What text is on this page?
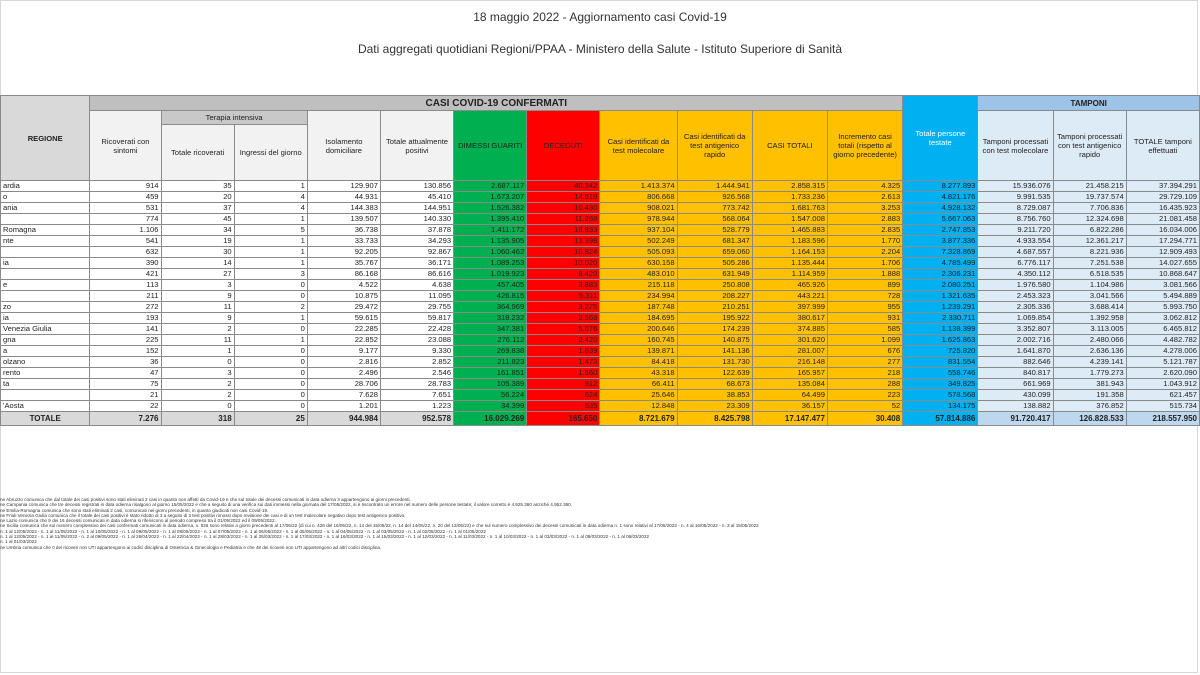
18 maggio 2022 - Aggiornamento casi Covid-19
Dati aggregati quotidiani Regioni/PPAA - Ministero della Salute - Istituto Superiore di Sanità
REGIONE	CASI COVID-19 CONFERMATI											Totale persone testate	TAMPONI		
	Ricoverati con sintomi	Terapia intensiva		Isolamento domiciliare	Totale attualmente positivi	DIMESSI GUARITI	DECEDUTI	Casi identificati da test molecolare	Casi identificati da test antigenico rapido	CASI TOTALI	Incremento casi totali (rispetto al giorno precedente)		Tamponi processati con test molecolare	Tamponi processati con test antigenico rapido	TOTALE tamponi effettuati
		Totale ricoverati	Ingressi del giorno												
ardia	914	35	1	129.907	130.856	2.687.117	40.342	1.413.374	1.444.941	2.858.315	4.325	8.277.893	15.936.076	21.458.215	37.394.291
o	459	20	4	44.931	45.410	1.673.207	14.619	806.668	926.568	1.733.236	2.613	4.821.176	9.991.535	19.737.574	29.729.109
ania	531	37	4	144.383	144.951	1.526.382	10.430	908.021	773.742	1.681.763	3.253	4.928.132	8.729.087	7.706.836	16.435.923
	774	45	1	139.507	140.330	1.395.410	11.268	978.944	568.064	1.547.008	2.883	5.667.063	8.756.760	12.324.698	21.081.458
Romagna	1.106	34	5	36.738	37.878	1.411.172	16.833	937.104	528.779	1.465.883	2.835	2.747.853	9.211.720	6.822.286	16.034.006
nte	541	19	1	33.733	34.293	1.135.905	13.398	502.249	681.347	1.183.596	1.770	3.877.336	4.933.554	12.361.217	17.294.771
	632	30	1	92.205	92.867	1.060.462	10.824	505.093	659.060	1.164.153	2.204	7.328.869	4.687.557	8.221.936	12.909.493
ia	390	14	1	35.767	36.171	1.089.253	10.020	630.158	505.286	1.135.444	1.706	4.785.499	6.776.117	7.251.538	14.027.655
	421	27	3	86.168	86.616	1.019.923	8.420	483.010	631.949	1.114.959	1.888	2.306.231	4.350.112	6.518.535	10.868.647
e	113	3	0	4.522	4.638	457.405	3.883	215.118	250.808	465.926	899	2.080.251	1.976.580	1.104.986	3.081.566
	211	9	0	10.875	11.095	426.815	5.311	234.994	208.227	443.221	728	1.321.635	2.453.323	3.041.566	5.494.889
zo	272	11	2	29.472	29.755	364.969	3.275	187.748	210.251	397.999	955	1.239.291	2.305.336	3.688.414	5.993.750
ia	193	9	1	59.615	59.817	318.232	2.568	184.695	195.922	380.617	931	2.330.711	1.069.854	1.392.958	3.062.812
Venezia Giulia	141	2	0	22.285	22.428	347.381	5.076	200.646	174.239	374.885	585	1.138.399	3.352.807	3.113.005	6.465.812
gna	225	11	1	22.852	23.088	276.112	2.420	160.745	140.875	301.620	1.099	1.625.863	2.002.716	2.480.066	4.482.782
a	152	1	0	9.177	9.330	269.838	1.839	139.871	141.136	281.007	676	725.820	1.641.870	2.636.136	4.278.006
olzano	36	0	0	2.816	2.852	211.823	1.473	84.418	131.730	216.148	277	831.554	882.646	4.239.141	5.121.787
rento	47	3	0	2.496	2.546	161.851	1.560	43.318	122.639	165.957	218	558.746	840.817	1.779.273	2.620.090
ta	75	2	0	28.706	28.783	105.389	912	66.411	68.673	135.084	288	349.825	661.969	381.943	1.043.912
	21	2	0	7.628	7.651	56.224	624	25.646	38.853	64.499	223	578.568	430.099	191.358	621.457
'Aosta	22	0	0	1.201	1.223	34.399	535	12.848	23.309	36.157	52	134.175	138.882	376.852	515.734
TOTALE	7.276	318	25	944.984	952.578	16.029.269	165.650	8.721.679	8.425.798	17.147.477	30.408	57.814.886	91.720.417	126.828.533	218.557.950
ne Abruzzo comunica che dal totale dei casi positivi sono stati eliminati 2 casi in quanto non affetti da Covid-19 e che sul totale dei decessi comunicati in data odierna 3 appartengono ai giorni precedenti.
ne Campania comunica che tre decessi registrati in data odierna risalgono al giorno 15/05/2022 e che a seguito di una verifica sui dati immessi nella giornata del 17/05/2022, si è riscontrato un errore nel numero delle persone testate; il valore corretto è 4.925.360 anziché 4.952.360.
ne Emilia-Romagna comunica che sono stati eliminati 2 casi, comunicati nei giorni precedenti, in quanto giudicati non casi Covid-19.
ne Friuli Venezia Giulia comunica che il totale dei casi positivi è stato ridotto di 3 a seguito di 2 test positivi rimossi dopo revisione dei casi e di un test molecolare negativo dopo test antigenico positivo.
ne Lazio comunica che 9 dei 16 decessi comunicati in data odierna si riferiscono al periodo compreso tra il 01/05/2022 ed il 09/05/2022.
ne Sicilia comunica che sul numero complessivo dei casi confermati comunicati in data odierna, n. 526 sono relativi a giorni precedenti al 17/05/22 (di cui n. 426 del 16/05/22, n. 14 del 15/05/22, n. 14 del 14/05/22, n. 20 del 13/05/22) e che sul numero complessivo dei decessi comunicati in data odierna n. 1 sono relativi al 17/05/2022 - n. 4 al 16/05/2022 - n. 3 al 15/05/2022
n. 1 al 12/05/2022 - n. 1 al 11/05/2022 - n. 1 al 10/05/2022 - n. 1 al 09/05/2022 - n. 1 al 08/05/2022 - n. 1 al 07/05/2022 - n. 1 al 06/05/2022 - n. 1 al 05/05/2022 - n. 1 al 04/05/2022 - n. 1 al 03/05/2022 - n. 1 al 02/05/2022 - n. 1 al 01/05/2022
n. 1 al 12/05/2022 - n. 1 al 11/05/2022 - n. 2 al 09/05/2022 - n. 1 al 26/04/2022 - n. 1 al 22/04/2022 - n. 1 al 28/03/2022 - n. 1 al 25/03/2022 - n. 1 al 17/03/2022 - n. 1 al 16/03/2022 - n. 1 al 15/03/2022 - n. 1 al 12/03/2022 - n. 1 al 11/03/2022 - n. 1 al 10/03/2022 - n. 1 al 03/03/2022 - n. 1 al 08/03/2022 - n. 1 al 06/03/2022
n. 1 al 01/03/2022
ne Umbria comunica che 0 dei ricoveri non UTI appartengono ai codici disciplina di Ostetricia & Ginecologia e Pediatria e che 48 dei ricoveri non UTI appartengono ad altri codici disciplina.
